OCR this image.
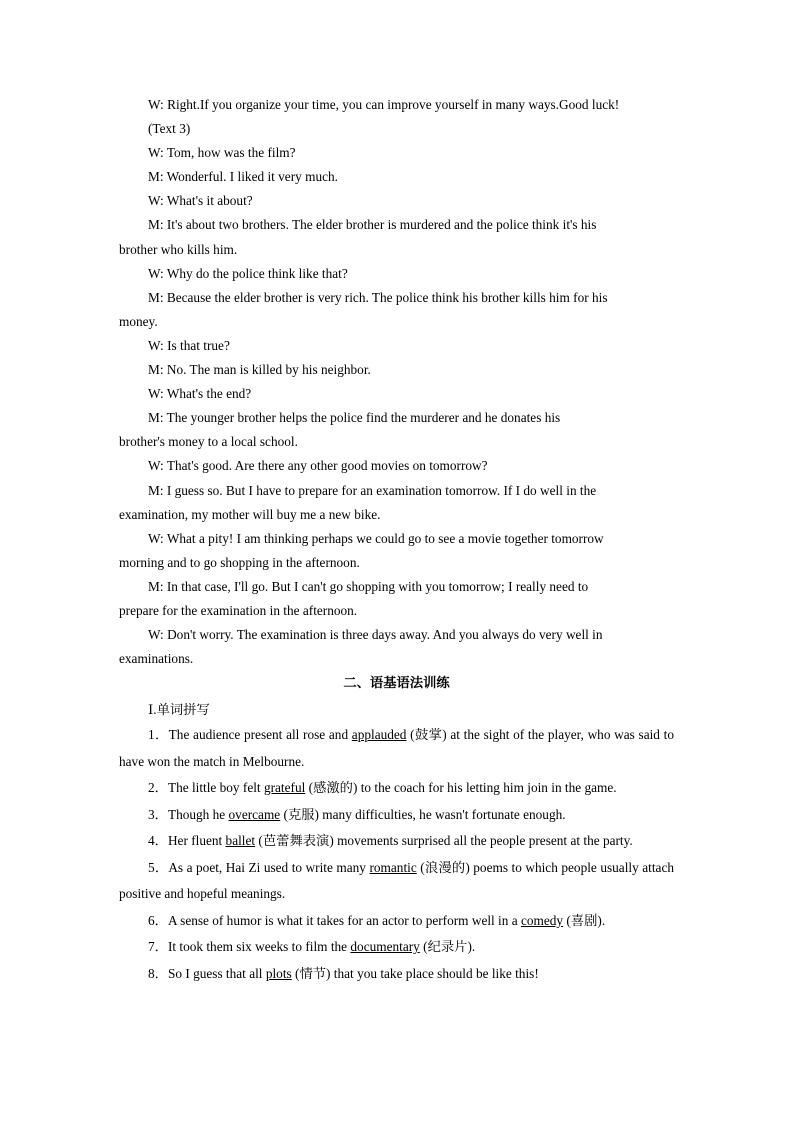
W: Right.If you organize your time, you can improve yourself in many ways.Good luck!

(Text 3)

W: Tom, how was the film?

M: Wonderful. I liked it very much.

W: What's it about?

M: It's about two brothers. The elder brother is murdered and the police think it's his

brother who kills him.

W: Why do the police think like that?

M: Because the elder brother is very rich. The police think his brother kills him for his

money.

W: Is that true?

M: No. The man is killed by his neighbor.

W: What's the end?

M: The younger brother helps the police find the murderer and he donates his

brother's money to a local school.

W: That's good. Are there any other good movies on tomorrow?

M: I guess so. But I have to prepare for an examination tomorrow. If I do well in the

examination, my mother will buy me a new bike.

W: What a pity! I am thinking perhaps we could go to see a movie together tomorrow

morning and to go shopping in the afternoon.

M: In that case, I'll go. But I can't go shopping with you tomorrow; I really need to

prepare for the examination in the afternoon.

W: Don't worry. The examination is three days away. And you always do very well in

examinations.

二、语基语法训练

Ⅰ.单词拼写

1．The audience present all rose and applauded (鼓掌) at the sight of the player, who was said to have won the match in Melbourne.

2．The little boy felt grateful (感激的) to the coach for his letting him join in the game.

3．Though he overcame (克服) many difficulties, he wasn't fortunate enough.

4．Her fluent ballet (芭蕾舞表演) movements surprised all the people present at the party.

5．As a poet, Hai Zi used to write many romantic (浪漫的) poems to which people usually attach positive and hopeful meanings.

6．A sense of humor is what it takes for an actor to perform well in a comedy (喜剧).

7．It took them six weeks to film the documentary (纪录片).

8．So I guess that all plots (情节) that you take place should be like this!
